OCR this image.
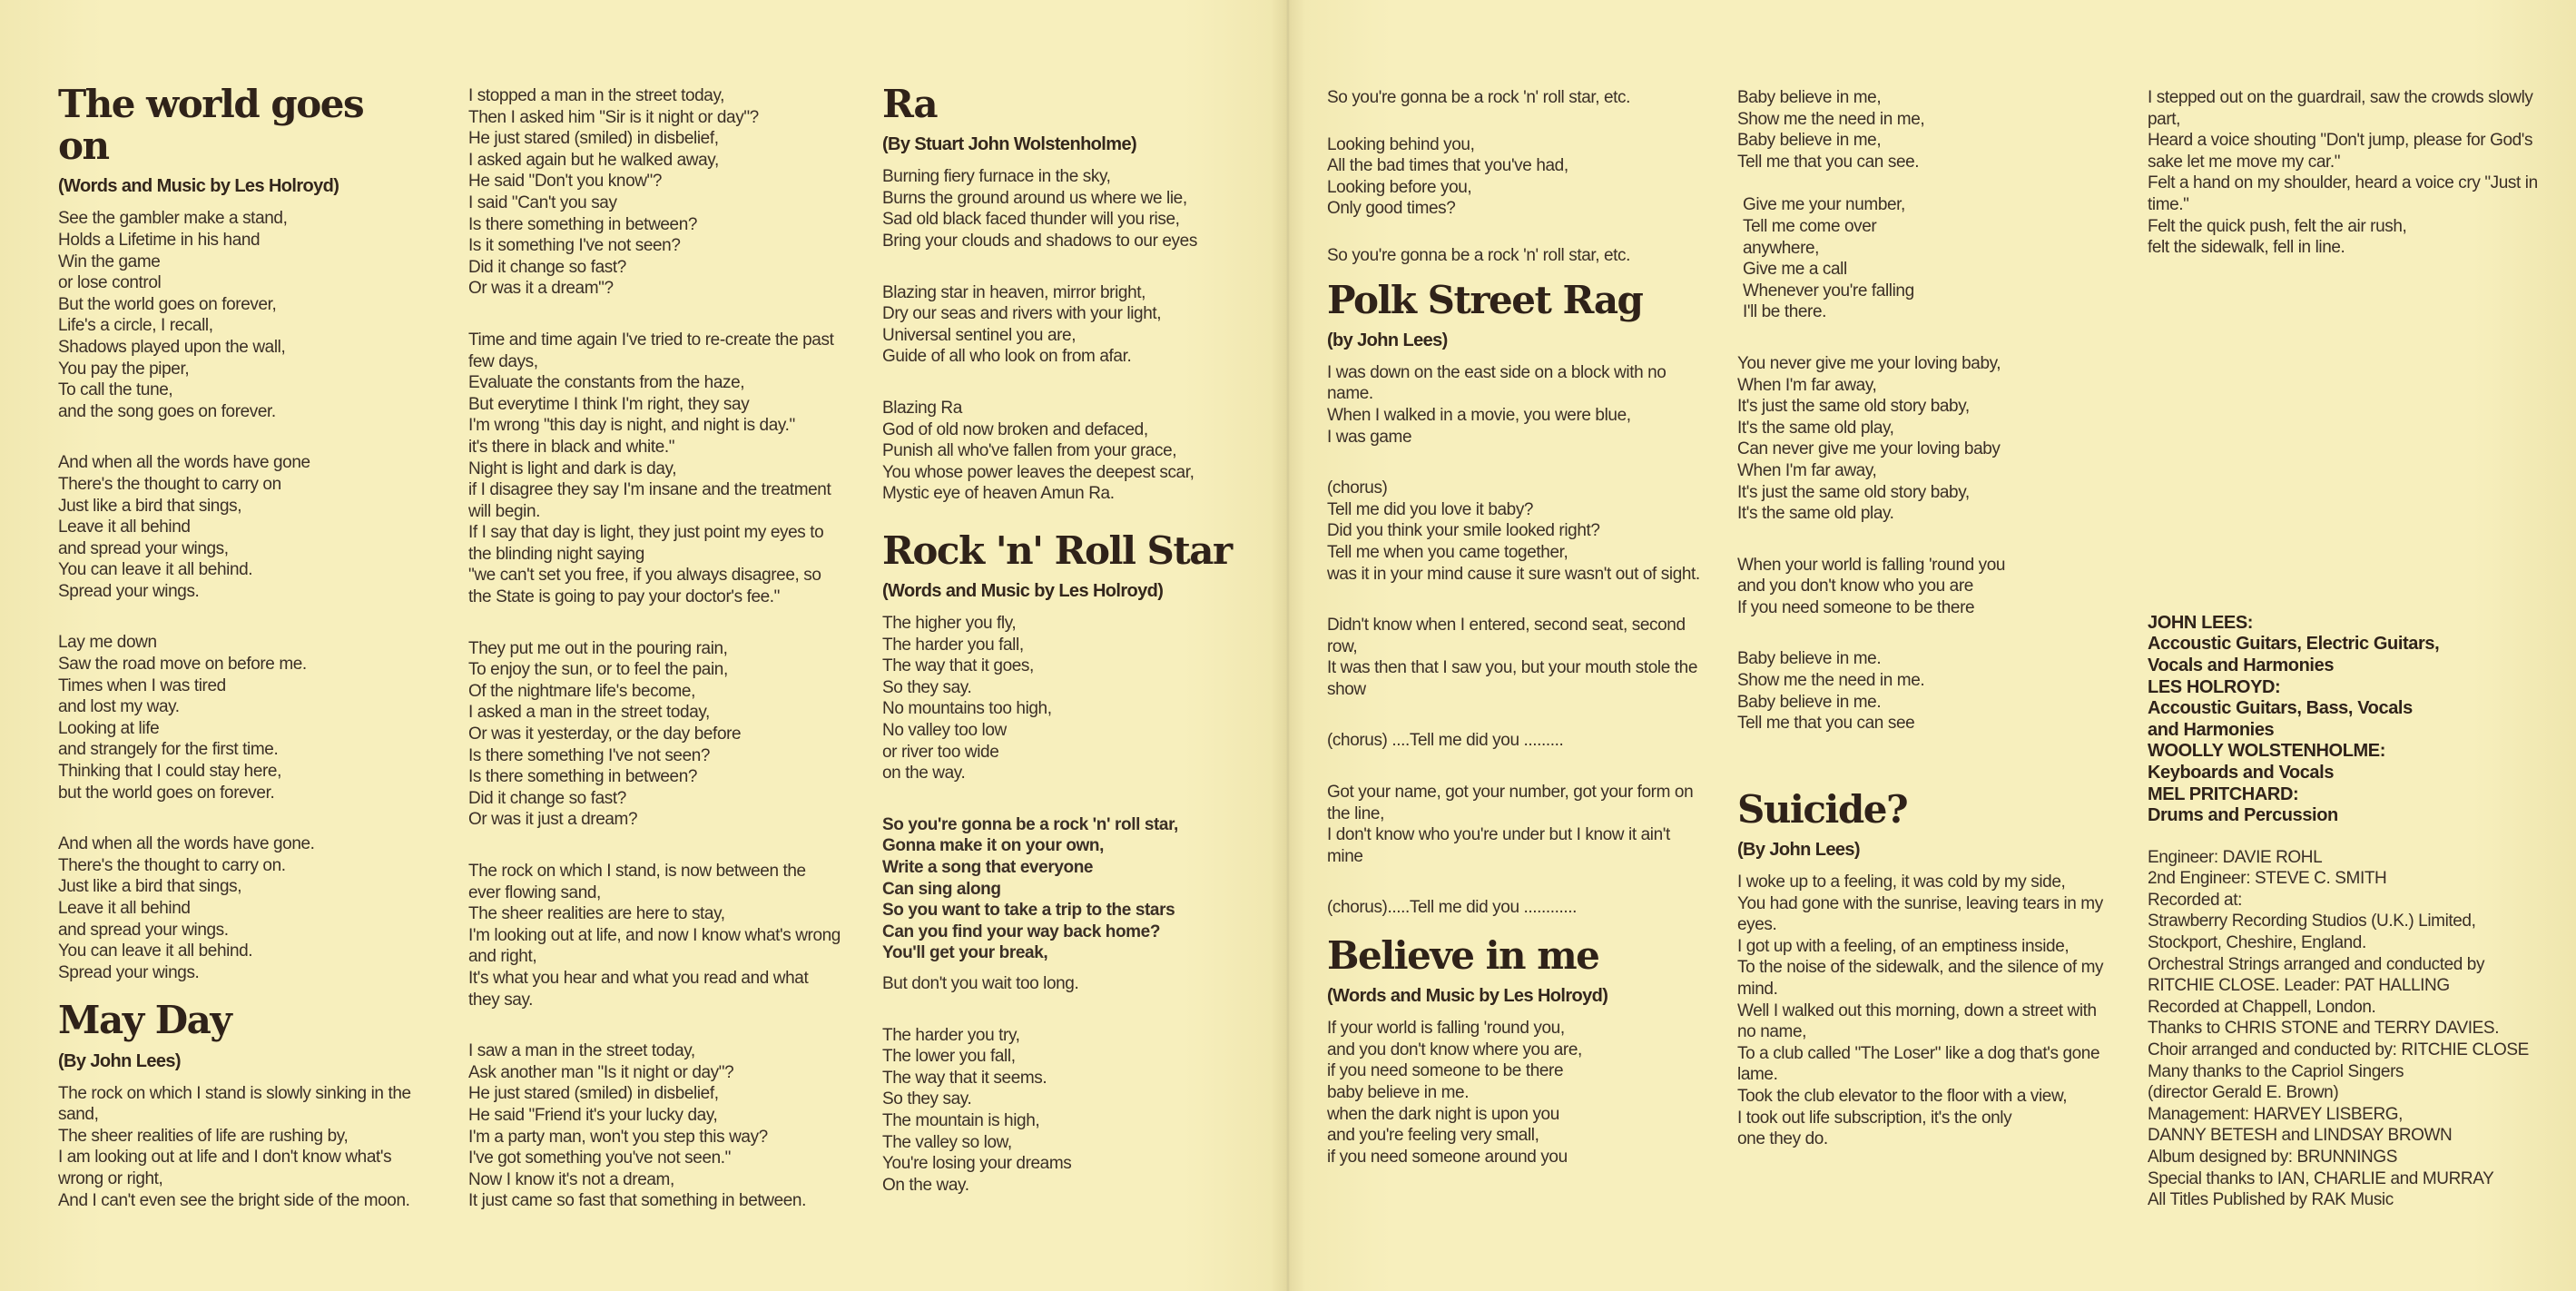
The world goes on
(Words and Music by Les Holroyd)
See the gambler make a stand,
Holds a Lifetime in his hand
Win the game
or lose control
But the world goes on forever,
Life's a circle, I recall,
Shadows played upon the wall,
You pay the piper,
To call the tune,
and the song goes on forever.
And when all the words have gone
There's the thought to carry on
Just like a bird that sings,
Leave it all behind
and spread your wings,
You can leave it all behind.
Spread your wings.
Lay me down
Saw the road move on before me.
Times when I was tired
and lost my way.
Looking at life
and strangely for the first time.
Thinking that I could stay here,
but the world goes on forever.
And when all the words have gone.
There's the thought to carry on.
Just like a bird that sings,
Leave it all behind
and spread your wings.
You can leave it all behind.
Spread your wings.
May Day
(By John Lees)
The rock on which I stand is slowly sinking in the sand,
The sheer realities of life are rushing by,
I am looking out at life and I don't know what's wrong or right,
And I can't even see the bright side of the moon.
I stopped a man in the street today,
Then I asked him "Sir is it night or day"?
He just stared (smiled) in disbelief,
I asked again but he walked away,
He said "Don't you know"?
I said "Can't you say
Is there something in between?
Is it something I've not seen?
Did it change so fast?
Or was it a dream"?
Time and time again I've tried to re-create the past few days,
Evaluate the constants from the haze,
But everytime I think I'm right, they say
I'm wrong "this day is night, and night is day."
it's there in black and white."
Night is light and dark is day,
if I disagree they say I'm insane and the treatment will begin.
If I say that day is light, they just point my eyes to the blinding night saying
"we can't set you free, if you always disagree, so the State is going to pay your doctor's fee."
They put me out in the pouring rain,
To enjoy the sun, or to feel the pain,
Of the nightmare life's become,
I asked a man in the street today,
Or was it yesterday, or the day before
Is there something I've not seen?
Is there something in between?
Did it change so fast?
Or was it just a dream?
The rock on which I stand, is now between the ever flowing sand,
The sheer realities are here to stay,
I'm looking out at life, and now I know what's wrong and right,
It's what you hear and what you read and what they say.
I saw a man in the street today,
Ask another man "Is it night or day"?
He just stared (smiled) in disbelief,
He said "Friend it's your lucky day,
I'm a party man, won't you step this way?
I've got something you've not seen."
Now I know it's not a dream,
It just came so fast that something in between.
Ra
(By Stuart John Wolstenholme)
Burning fiery furnace in the sky,
Burns the ground around us where we lie,
Sad old black faced thunder will you rise,
Bring your clouds and shadows to our eyes
Blazing star in heaven, mirror bright,
Dry our seas and rivers with your light,
Universal sentinel you are,
Guide of all who look on from afar.
Blazing Ra
God of old now broken and defaced,
Punish all who've fallen from your grace,
You whose power leaves the deepest scar,
Mystic eye of heaven Amun Ra.
Rock 'n' Roll Star
(Words and Music by Les Holroyd)
The higher you fly,
The harder you fall,
The way that it goes,
So they say.
No mountains too high,
No valley too low
or river too wide
on the way.
So you're gonna be a rock 'n' roll star,
Gonna make it on your own,
Write a song that everyone
Can sing along
So you want to take a trip to the stars
Can you find your way back home?
You'll get your break,
But don't you wait too long.
The harder you try,
The lower you fall,
The way that it seems.
So they say.
The mountain is high,
The valley so low,
You're losing your dreams
On the way.
So you're gonna be a rock 'n' roll star, etc.
Looking behind you,
All the bad times that you've had,
Looking before you,
Only good times?
So you're gonna be a rock 'n' roll star, etc.
Polk Street Rag
(by John Lees)
I was down on the east side on a block with no name.
When I walked in a movie, you were blue,
I was game
(chorus)
Tell me did you love it baby?
Did you think your smile looked right?
Tell me when you came together,
was it in your mind cause it sure wasn't out of sight.
Didn't know when I entered, second seat, second row,
It was then that I saw you, but your mouth stole the show
(chorus) ....Tell me did you .........
Got your name, got your number, got your form on the line,
I don't know who you're under but I know it ain't mine
(chorus).....Tell me did you ............
Believe in me
(Words and Music by Les Holroyd)
If your world is falling 'round you,
and you don't know where you are,
if you need someone to be there
baby believe in me.
when the dark night is upon you
and you're feeling very small,
if you need someone around you
Baby believe in me,
Show me the need in me,
Baby believe in me,
Tell me that you can see.
Give me your number,
Tell me come over
anywhere,
Give me a call
Whenever you're falling
I'll be there.
You never give me your loving baby,
When I'm far away,
It's just the same old story baby,
It's the same old play,
Can never give me your loving baby
When I'm far away,
It's just the same old story baby,
It's the same old play.
When your world is falling 'round you
and you don't know who you are
If you need someone to be there
Baby believe in me.
Show me the need in me.
Baby believe in me.
Tell me that you can see
Suicide?
(By John Lees)
I woke up to a feeling, it was cold by my side,
You had gone with the sunrise, leaving tears in my eyes.
I got up with a feeling, of an emptiness inside,
To the noise of the sidewalk, and the silence of my mind.
Well I walked out this morning, down a street with no name,
To a club called "The Loser" like a dog that's gone lame.
Took the club elevator to the floor with a view,
I took out life subscription, it's the only
one they do.
I stepped out on the guardrail, saw the crowds slowly part,
Heard a voice shouting "Don't jump, please for God's sake let me move my car."
Felt a hand on my shoulder, heard a voice cry "Just in time."
Felt the quick push, felt the air rush,
felt the sidewalk, fell in line.
JOHN LEES:
Accoustic Guitars, Electric Guitars,
Vocals and Harmonies
LES HOLROYD:
Accoustic Guitars, Bass, Vocals
and Harmonies
WOOLLY WOLSTENHOLME:
Keyboards and Vocals
MEL PRITCHARD:
Drums and Percussion
Engineer: DAVIE ROHL
2nd Engineer: STEVE C. SMITH
Recorded at:
Strawberry Recording Studios (U.K.) Limited,
Stockport, Cheshire, England.
Orchestral Strings arranged and conducted by
RITCHIE CLOSE. Leader: PAT HALLING
Recorded at Chappell, London.
Thanks to CHRIS STONE and TERRY DAVIES.
Choir arranged and conducted by: RITCHIE CLOSE
Many thanks to the Capriol Singers
(director Gerald E. Brown)
Management: HARVEY LISBERG,
DANNY BETESH and LINDSAY BROWN
Album designed by: BRUNNINGS
Special thanks to IAN, CHARLIE and MURRAY
All Titles Published by RAK Music
